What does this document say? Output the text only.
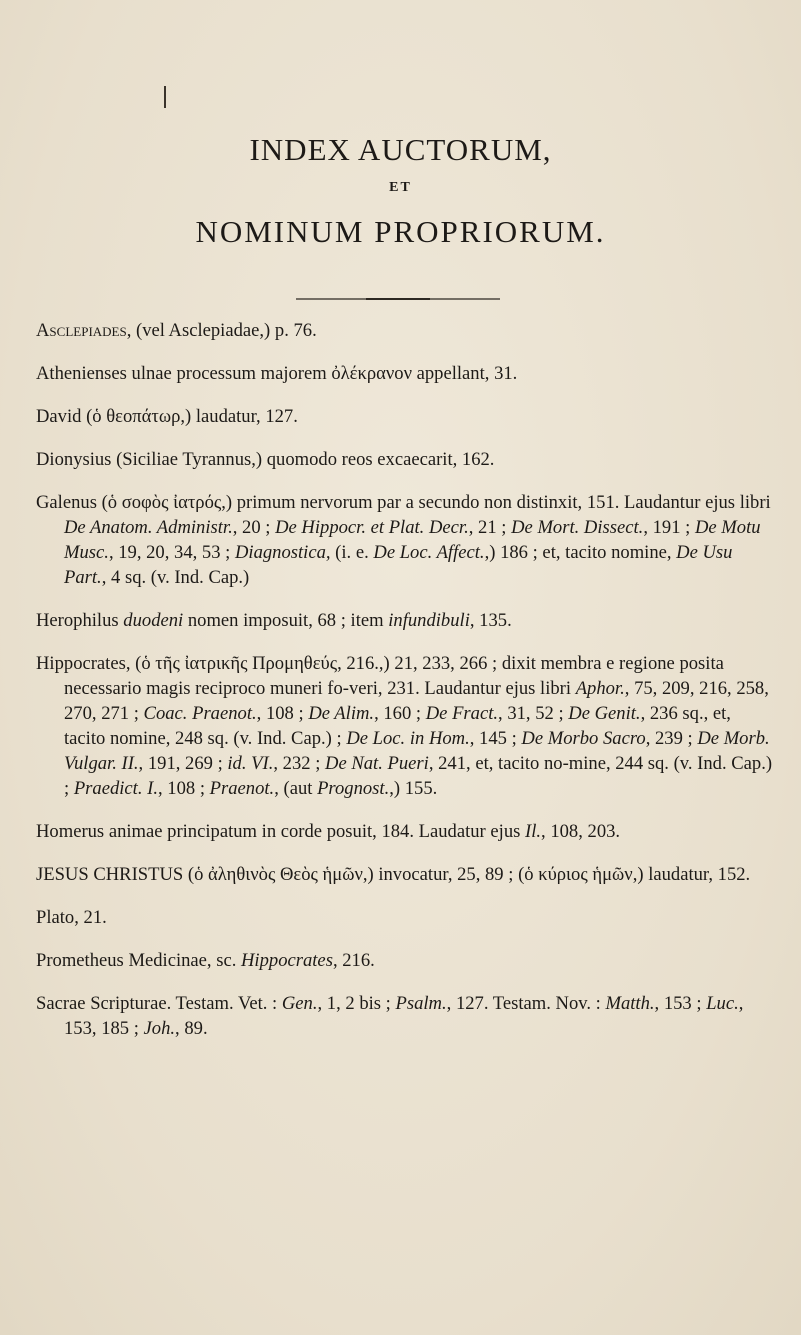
INDEX AUCTORUM,
ET
NOMINUM PROPRIORUM.

Asclepiades, (vel Asclepiadae,) p. 76.

Athenienses ulnae processum majorem ὀλέκρανον appellant, 31.

David (ὁ θεοπάτωρ,) laudatur, 127.

Dionysius (Siciliae Tyrannus,) quomodo reos excaecarit, 162.

Galenus (ὁ σοφὸς ἰατρός,) primum nervorum par a secundo non distinxit, 151. Laudantur ejus libri De Anatom. Administr., 20 ; De Hippocr. et Plat. Decr., 21 ; De Mort. Dissect., 191 ; De Motu Musc., 19, 20, 34, 53 ; Diagnostica, (i. e. De Loc. Affect.,) 186 ; et, tacito nomine, De Usu Part., 4 sq. (v. Ind. Cap.)

Herophilus duodeni nomen imposuit, 68 ; item infundibuli, 135.

Hippocrates, (ὁ τῆς ἰατρικῆς Προμηθεύς, 216.,) 21, 233, 266 ; dixit membra e regione posita necessario magis reciproco muneri fo-veri, 231. Laudantur ejus libri Aphor., 75, 209, 216, 258, 270, 271 ; Coac. Praenot., 108 ; De Alim., 160 ; De Fract., 31, 52 ; De Genit., 236 sq., et, tacito nomine, 248 sq. (v. Ind. Cap.) ; De Loc. in Hom., 145 ; De Morbo Sacro, 239 ; De Morb. Vulgar. II., 191, 269 ; id. VI., 232 ; De Nat. Pueri, 241, et, tacito no-mine, 244 sq. (v. Ind. Cap.) ; Praedict. I., 108 ; Praenot., (aut Prognost.,) 155.

Homerus animae principatum in corde posuit, 184. Laudatur ejus Il., 108, 203.

JESUS CHRISTUS (ὁ ἀληθινὸς Θεὸς ἡμῶν,) invocatur, 25, 89 ; (ὁ κύριος ἡμῶν,) laudatur, 152.

Plato, 21.

Prometheus Medicinae, sc. Hippocrates, 216.

Sacrae Scripturae. Testam. Vet. : Gen., 1, 2 bis ; Psalm., 127. Testam. Nov. : Matth., 153 ; Luc., 153, 185 ; Joh., 89.
